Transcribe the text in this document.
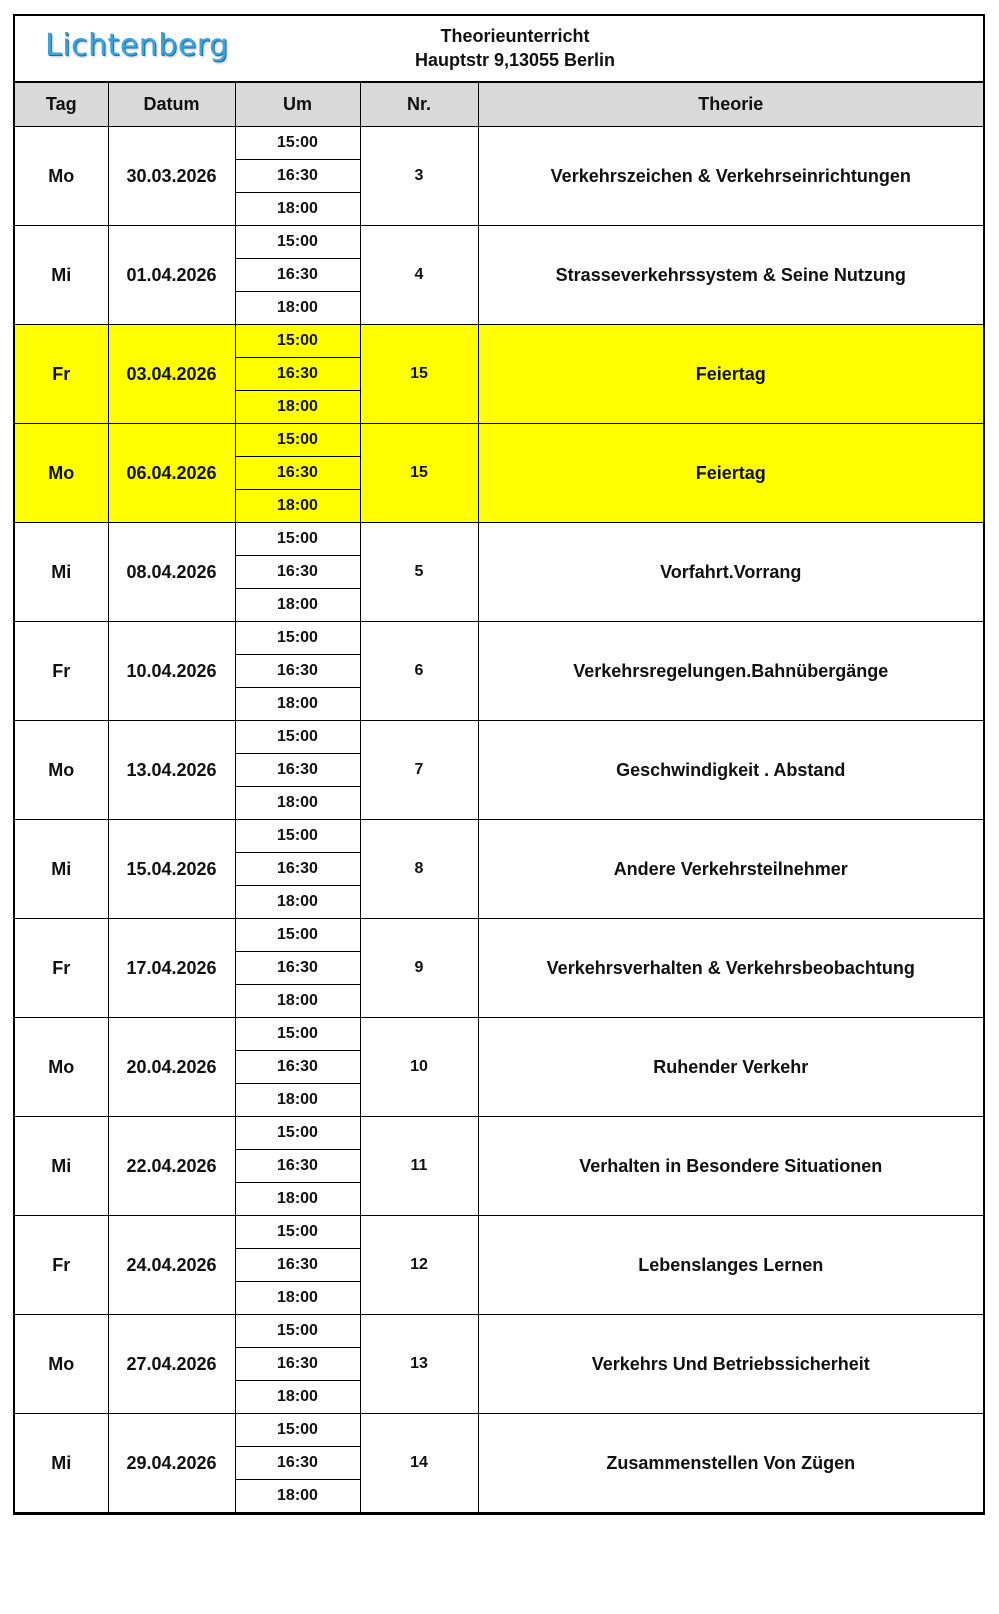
Lichtenberg	Theorieunterricht
Hauptstr 9,13055 Berlin
Tag	Datum	Um	Nr.	Theorie
Mo	30.03.2026	15:00	3	Verkehrszeichen & Verkehrseinrichtungen
		16:30		
		18:00		
Mi	01.04.2026	15:00	4	Strasseverkehrssystem & Seine Nutzung
		16:30		
		18:00		
Fr	03.04.2026	15:00	15	Feiertag
		16:30		
		18:00		
Mo	06.04.2026	15:00	15	Feiertag
		16:30		
		18:00		
Mi	08.04.2026	15:00	5	Vorfahrt.Vorrang
		16:30		
		18:00		
Fr	10.04.2026	15:00	6	Verkehrsregelungen.Bahnübergänge
		16:30		
		18:00		
Mo	13.04.2026	15:00	7	Geschwindigkeit . Abstand
		16:30		
		18:00		
Mi	15.04.2026	15:00	8	Andere Verkehrsteilnehmer
		16:30		
		18:00		
Fr	17.04.2026	15:00	9	Verkehrsverhalten & Verkehrsbeobachtung
		16:30		
		18:00		
Mo	20.04.2026	15:00	10	Ruhender Verkehr
		16:30		
		18:00		
Mi	22.04.2026	15:00	11	Verhalten in Besondere Situationen
		16:30		
		18:00		
Fr	24.04.2026	15:00	12	Lebenslanges Lernen
		16:30		
		18:00		
Mo	27.04.2026	15:00	13	Verkehrs Und Betriebssicherheit
		16:30		
		18:00		
Mi	29.04.2026	15:00	14	Zusammenstellen Von Zügen
		16:30		
		18:00		
